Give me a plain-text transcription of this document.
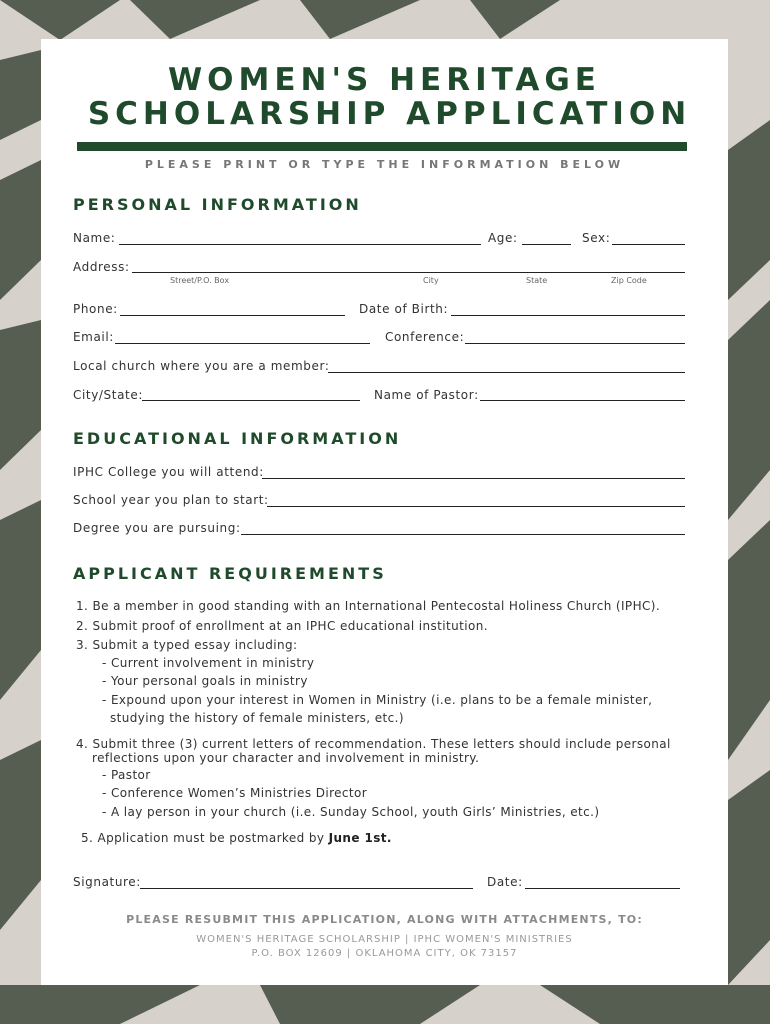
WOMEN'S HERITAGE
SCHOLARSHIP APPLICATION
PLEASE PRINT OR TYPE THE INFORMATION BELOW
PERSONAL INFORMATION
Name:	Age:	Sex:
Address:
Street/P.O. Box	City	State	Zip Code
Phone:	Date of Birth:
Email:	Conference:
Local church where you are a member:
City/State:	Name of Pastor:
EDUCATIONAL INFORMATION
IPHC College you will attend:
School year you plan to start:
Degree you are pursuing:
APPLICANT REQUIREMENTS
1. Be a member in good standing with an International Pentecostal Holiness Church (IPHC).
2. Submit proof of enrollment at an IPHC educational institution.
3. Submit a typed essay including:
- Current involvement in ministry
- Your personal goals in ministry
- Expound upon your interest in Women in Ministry (i.e. plans to be a female minister,
studying the history of female ministers, etc.)
4. Submit three (3) current letters of recommendation. These letters should include personal
reflections upon your character and involvement in ministry.
- Pastor
- Conference Women’s Ministries Director
- A lay person in your church (i.e. Sunday School, youth Girls’ Ministries, etc.)
5. Application must be postmarked by June 1st.
Signature:	Date:
PLEASE RESUBMIT THIS APPLICATION, ALONG WITH ATTACHMENTS, TO:
WOMEN'S HERITAGE SCHOLARSHIP | IPHC WOMEN'S MINISTRIES
P.O. BOX 12609 | OKLAHOMA CITY, OK 73157
